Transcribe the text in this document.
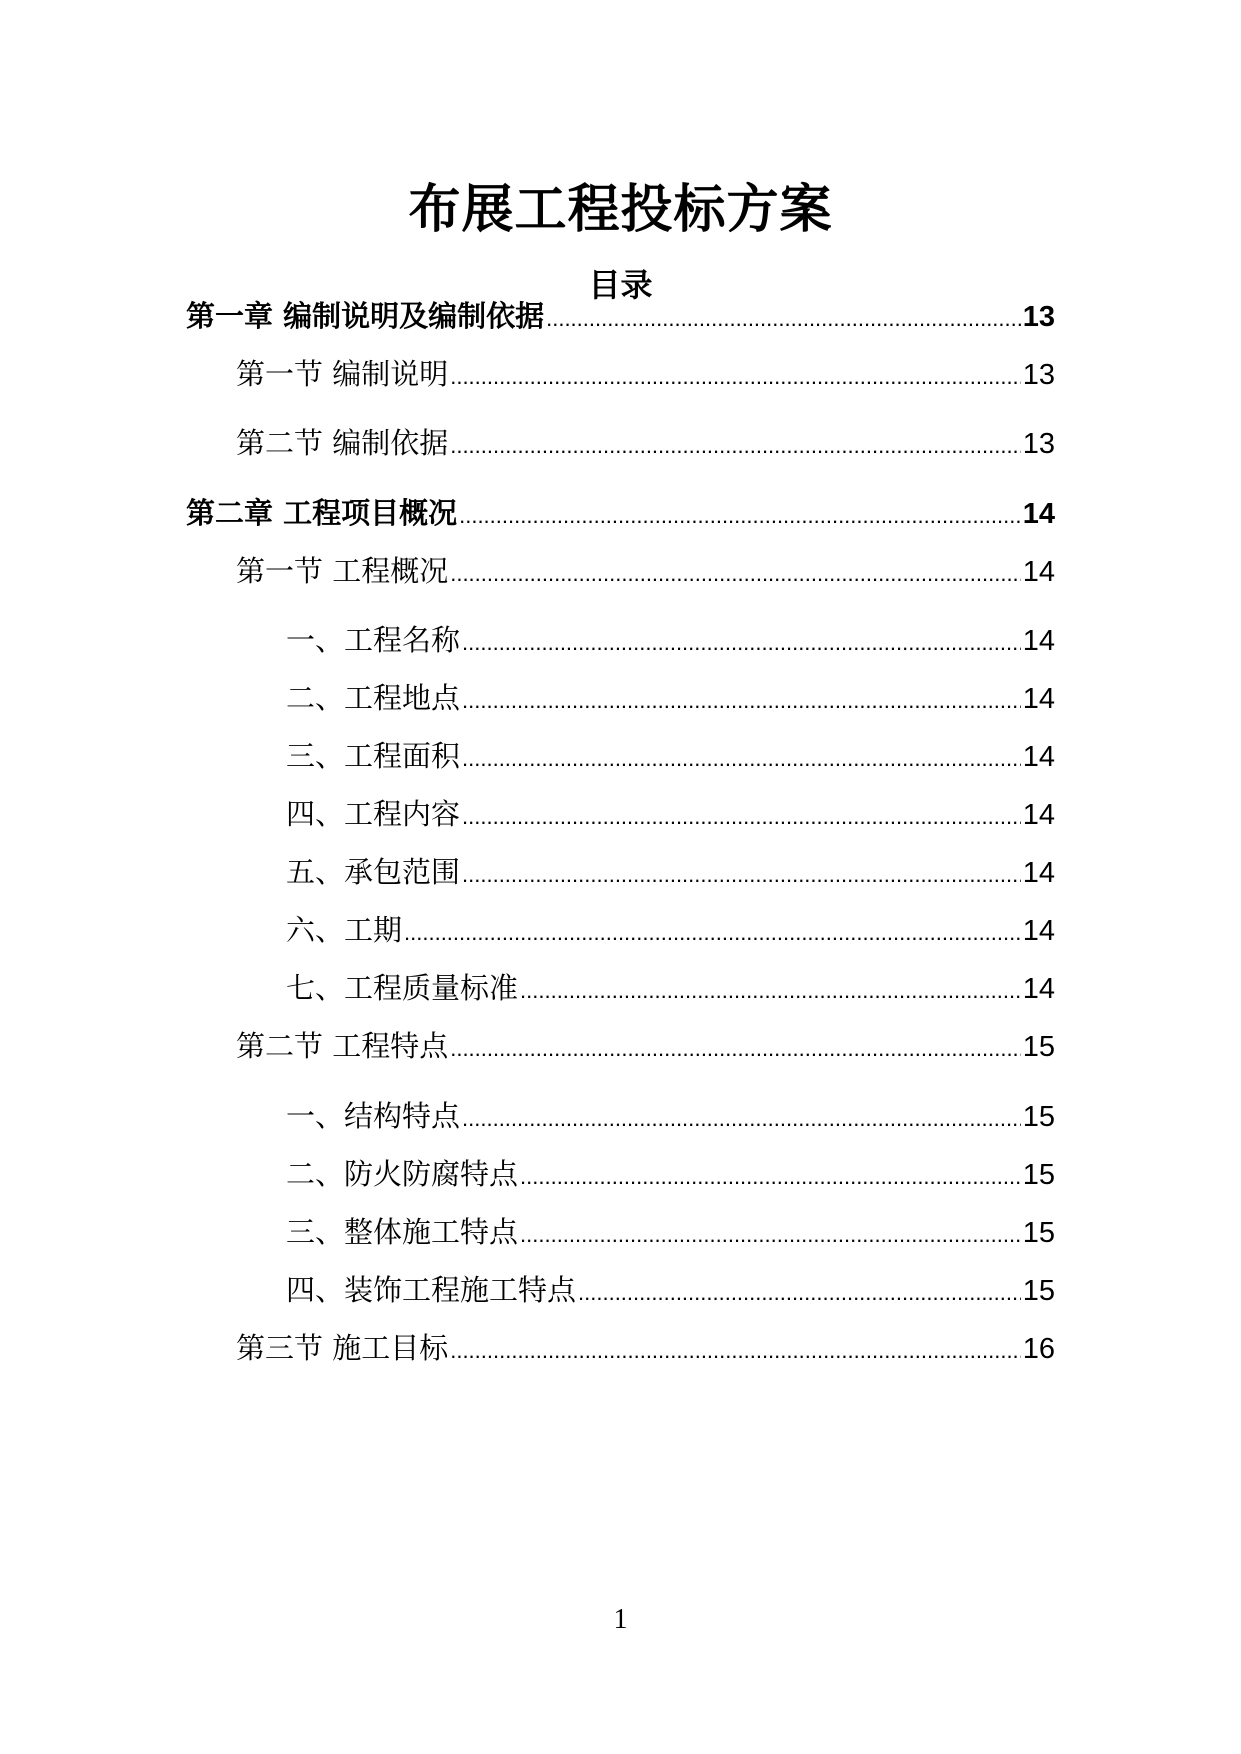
布展工程投标方案
目录
第一章 编制说明及编制依据 .....	13
第一节 编制说明 .....	13
第二节 编制依据 .....	13
第二章 工程项目概况 .....	14
第一节 工程概况 .....	14
一、工程名称 .....	14
二、工程地点 .....	14
三、工程面积 .....	14
四、工程内容 .....	14
五、承包范围 .....	14
六、工期 .....	14
七、工程质量标准 .....	14
第二节 工程特点 .....	15
一、结构特点 .....	15
二、防火防腐特点 .....	15
三、整体施工特点 .....	15
四、装饰工程施工特点 .....	15
第三节 施工目标 .....	16
1
